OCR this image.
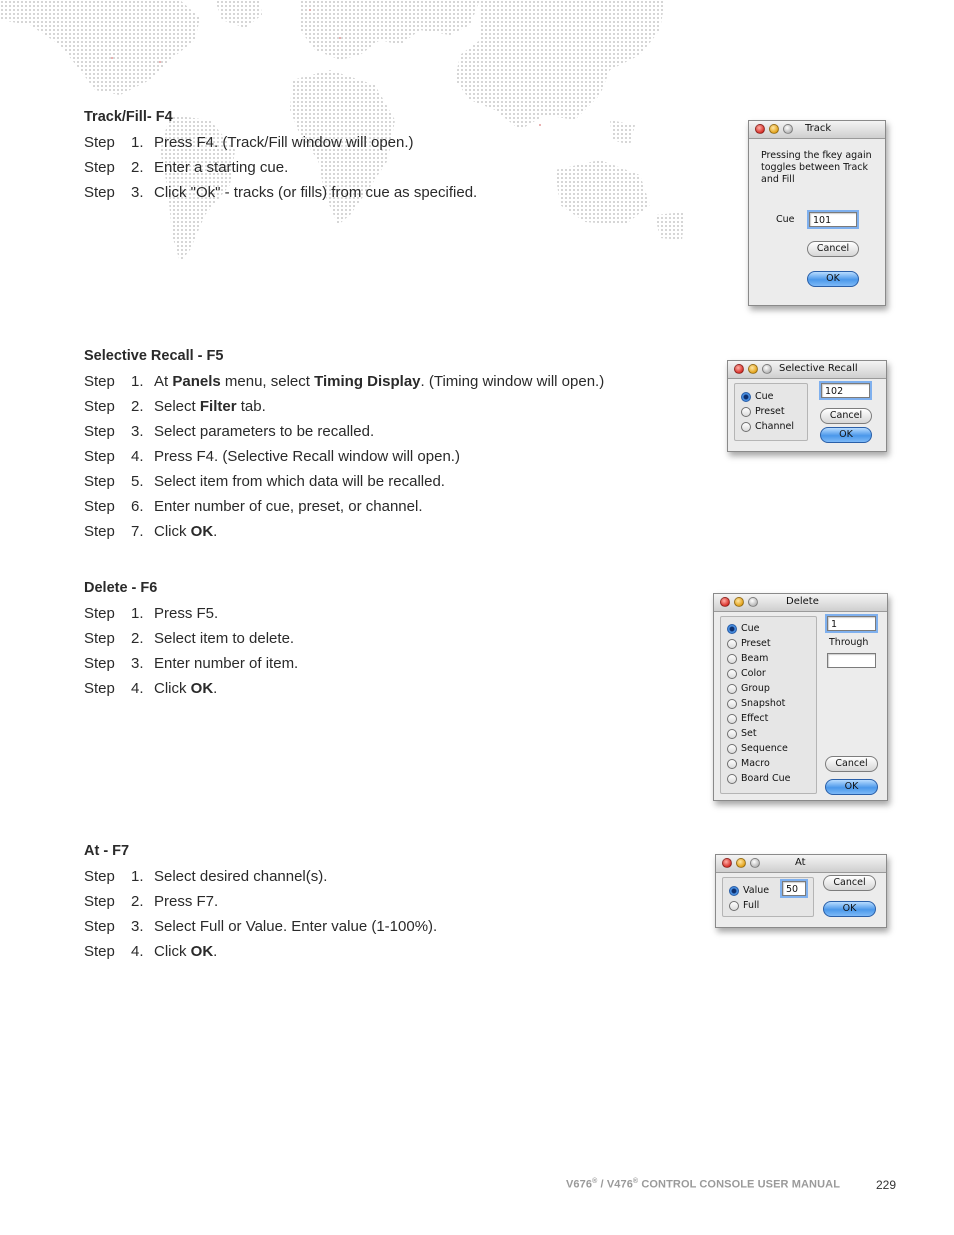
Track/Fill- F4
Step	1. Press F4. (Track/Fill window will open.)
Step	2. Enter a starting cue.
Step	3. Click "Ok" - tracks (or fills) from cue as specified.
Selective Recall - F5
Step	1. At Panels menu, select Timing Display. (Timing window will open.)
Step	2. Select Filter tab.
Step	3. Select parameters to be recalled.
Step	4. Press F4. (Selective Recall window will open.)
Step	5. Select item from which data will be recalled.
Step	6. Enter number of cue, preset, or channel.
Step	7. Click OK.
Delete - F6
Step	1. Press F5.
Step	2. Select item to delete.
Step	3. Enter number of item.
Step	4. Click OK.
At - F7
Step	1. Select desired channel(s).
Step	2. Press F7.
Step	3. Select Full or Value. Enter value (1-100%).
Step	4. Click OK.
Track
Pressing the fkey again
toggles between Track
and Fill
Cue	101
Cancel
OK
Selective Recall
Cue
Preset
Channel
102
Cancel
OK
Delete
Cue
Preset
Beam
Color
Group
Snapshot
Effect
Set
Sequence
Macro
Board Cue
1
Through
Cancel
OK
At
Value
Full
50
Cancel
OK
V676® / V476® CONTROL CONSOLE USER MANUAL	229
